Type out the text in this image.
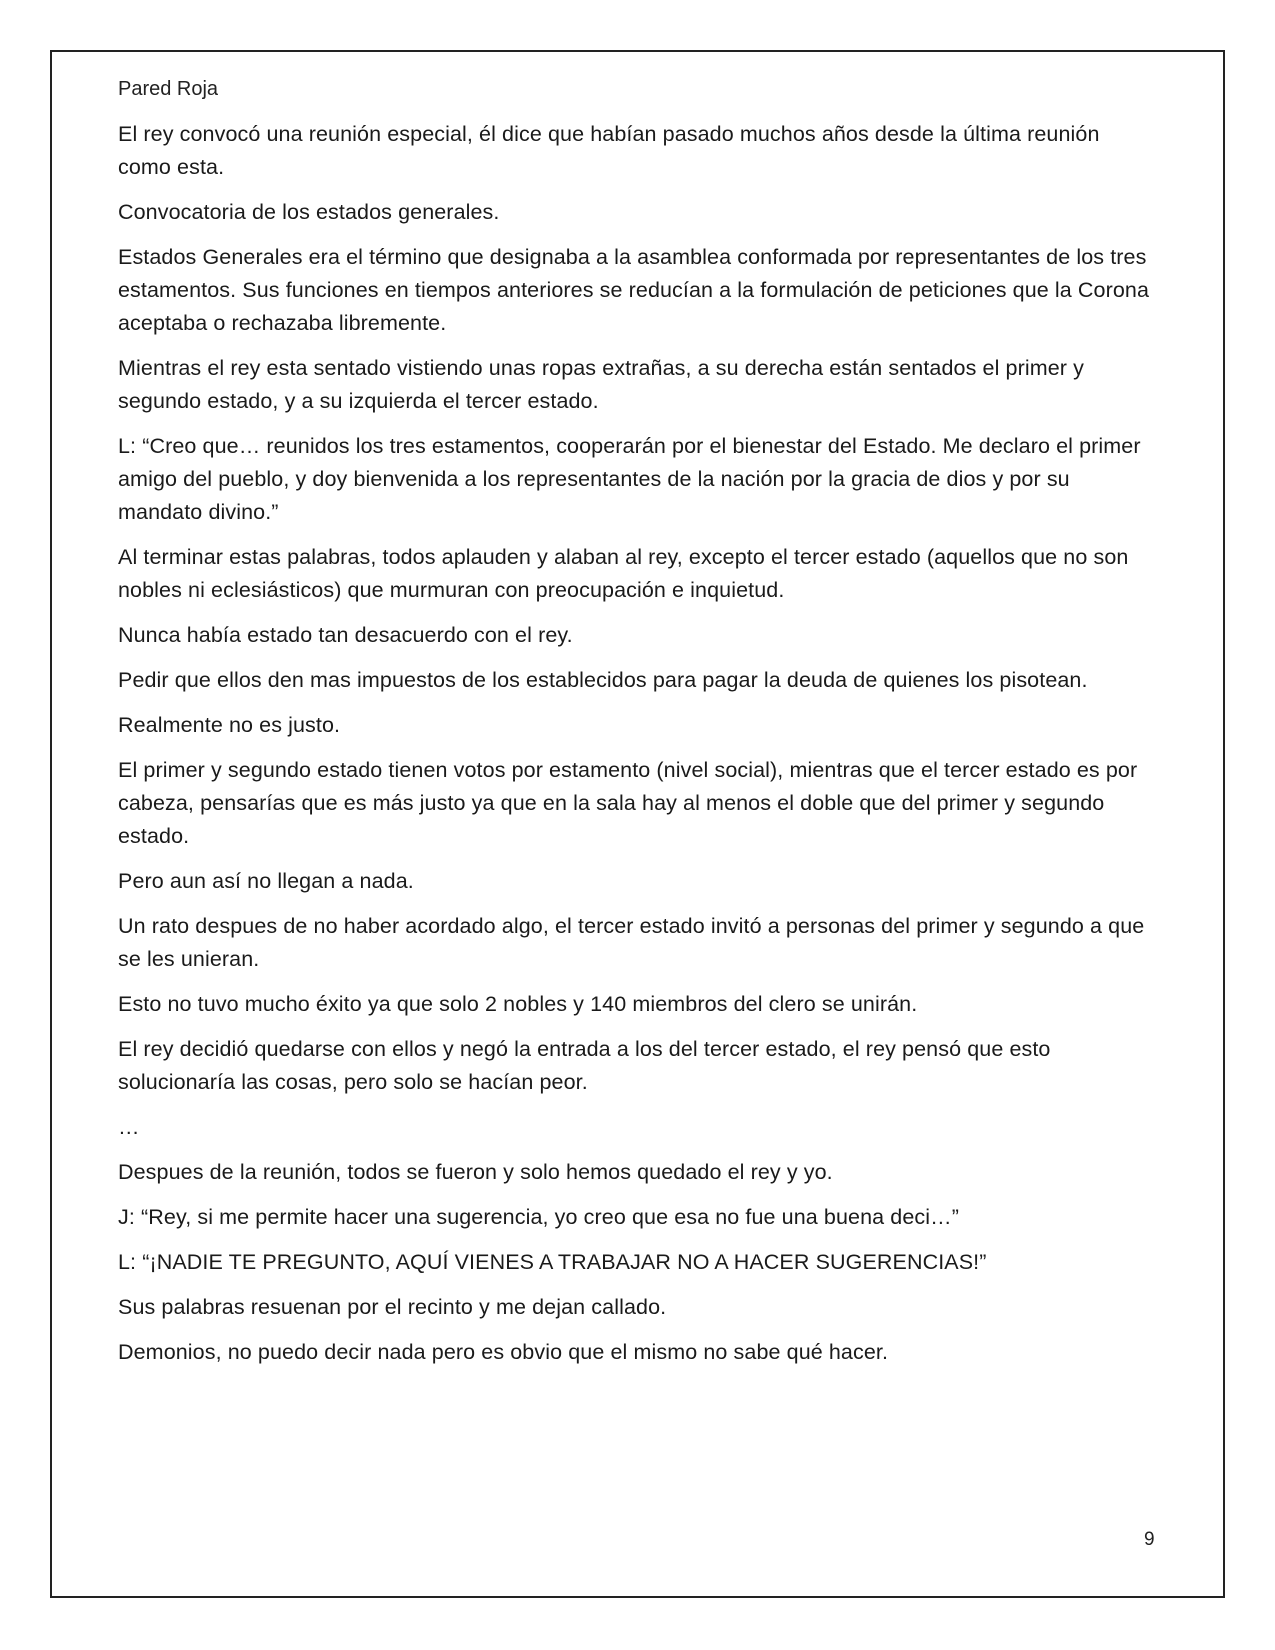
Pared Roja

El rey convocó una reunión especial, él dice que habían pasado muchos años desde la última reunión como esta.

Convocatoria de los estados generales.

Estados Generales era el término que designaba a la asamblea conformada por representantes de los tres estamentos. Sus funciones en tiempos anteriores se reducían a la formulación de peticiones que la Corona aceptaba o rechazaba libremente.

Mientras el rey esta sentado vistiendo unas ropas extrañas, a su derecha están sentados el primer y segundo estado, y a su izquierda el tercer estado.

L: “Creo que… reunidos los tres estamentos, cooperarán por el bienestar del Estado. Me declaro el primer amigo del pueblo, y doy bienvenida a los representantes de la nación por la gracia de dios y por su mandato divino.”

Al terminar estas palabras, todos aplauden y alaban al rey, excepto el tercer estado (aquellos que no son nobles ni eclesiásticos) que murmuran con preocupación e inquietud.

Nunca había estado tan desacuerdo con el rey.

Pedir que ellos den mas impuestos de los establecidos para pagar la deuda de quienes los pisotean.

Realmente no es justo.

El primer y segundo estado tienen votos por estamento (nivel social), mientras que el tercer estado es por cabeza, pensarías que es más justo ya que en la sala hay al menos el doble que del primer y segundo estado.

Pero aun así no llegan a nada.

Un rato despues de no haber acordado algo, el tercer estado invitó a personas del primer y segundo a que se les unieran.

Esto no tuvo mucho éxito ya que solo 2 nobles y 140 miembros del clero se unirán.

El rey decidió quedarse con ellos y negó la entrada a los del tercer estado, el rey pensó que esto solucionaría las cosas, pero solo se hacían peor.

…

Despues de la reunión, todos se fueron y solo hemos quedado el rey y yo.

J: “Rey, si me permite hacer una sugerencia, yo creo que esa no fue una buena deci…”

L: “¡NADIE TE PREGUNTO, AQUÍ VIENES A TRABAJAR NO A HACER SUGERENCIAS!”

Sus palabras resuenan por el recinto y me dejan callado.

Demonios, no puedo decir nada pero es obvio que el mismo no sabe qué hacer.

9
